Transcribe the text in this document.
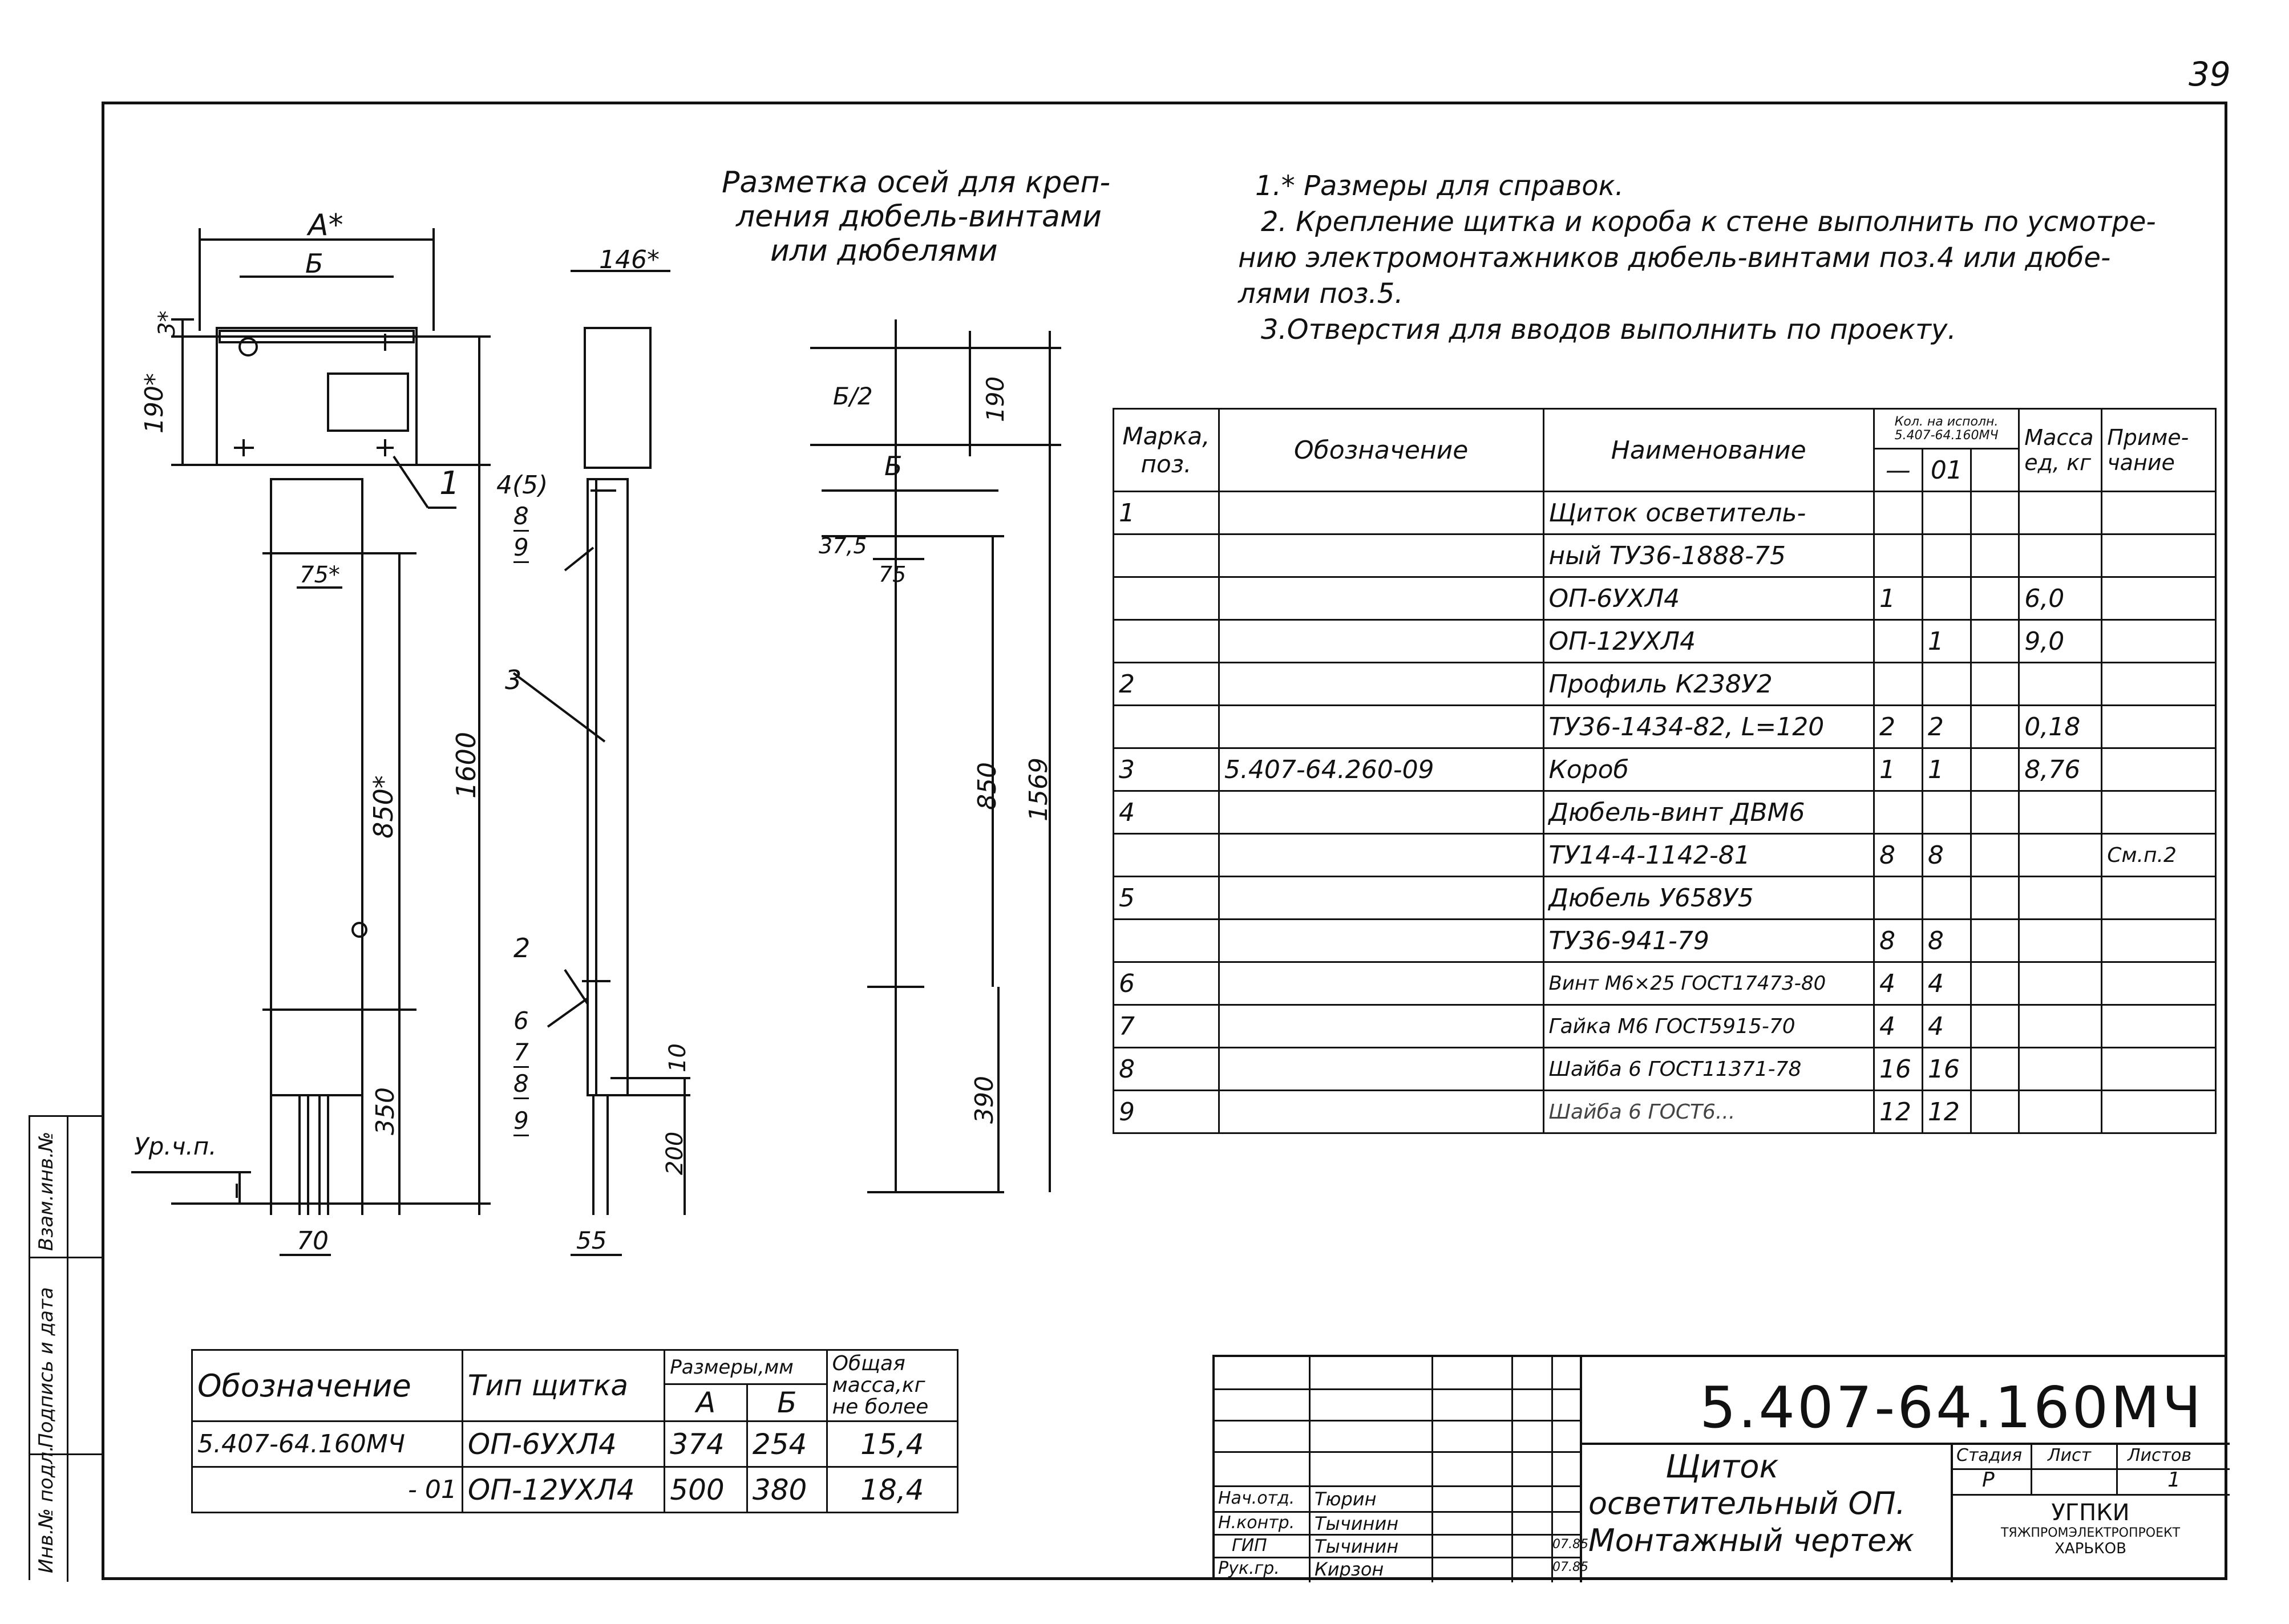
39
Взам.инв.№
Подпись и дата
Инв.№ подл.
А*
Б
3*
190*
75*
850*
1600
350
70
Ур.ч.п.
1
146*
4(5)
8
9
3
2
6
7
8
9
10
200
55
Разметка осей для креп-
ления дюбель-винтами
или дюбелями
Б/2	190
Б
37,5
75
850 1569
390
1.* Размеры для справок.
2. Крепление щитка и короба к стене выполнить по усмотре-
нию электромонтажников дюбель-винтами поз.4 или дюбе-
лями поз.5.
3.Отверстия для вводов выполнить по проекту.
Марка, поз.	Обозначение	Наименование	Кол. на исполн. 5.407-64.160МЧ			Масса ед, кг	Приме- чание
			—	01			
1		Щиток осветитель-					
		ный ТУ36-1888-75					
		ОП-6УХЛ4	1			6,0	
		ОП-12УХЛ4		1		9,0	
2		Профиль К238У2					
		ТУ36-1434-82, L=120	2	2		0,18	
3	5.407-64.260-09	Короб	1	1		8,76	
4		Дюбель-винт ДВМ6					
		ТУ14-4-1142-81	8	8			См.п.2
5		Дюбель У658У5					
		ТУ36-941-79	8	8			
6		Винт М6×25 ГОСТ17473-80	4	4			
7		Гайка М6 ГОСТ5915-70	4	4			
8		Шайба 6 ГОСТ11371-78	16	16			
9		Шайба 6 ГОСТ6...	12	12			
Обозначение	Тип щитка	Размеры,мм		Общая масса,кг не более
		А	Б	
5.407-64.160МЧ	ОП-6УХЛ4	374	254	15,4
- 01	ОП-12УХЛ4	500	380	18,4
5.407-64.160МЧ
Щиток
осветительный ОП.
Монтажный чертеж
Стадия
Р
Лист Листов
1
УГПКИ
ТЯЖПРОМЭЛЕКТРОПРОЕКТ
ХАРЬКОВ
Нач.отд. Тюрин
Н.контр. Тычинин
ГИП	Тычинин	07.85
Рук.гр. Кирзон	07.85
